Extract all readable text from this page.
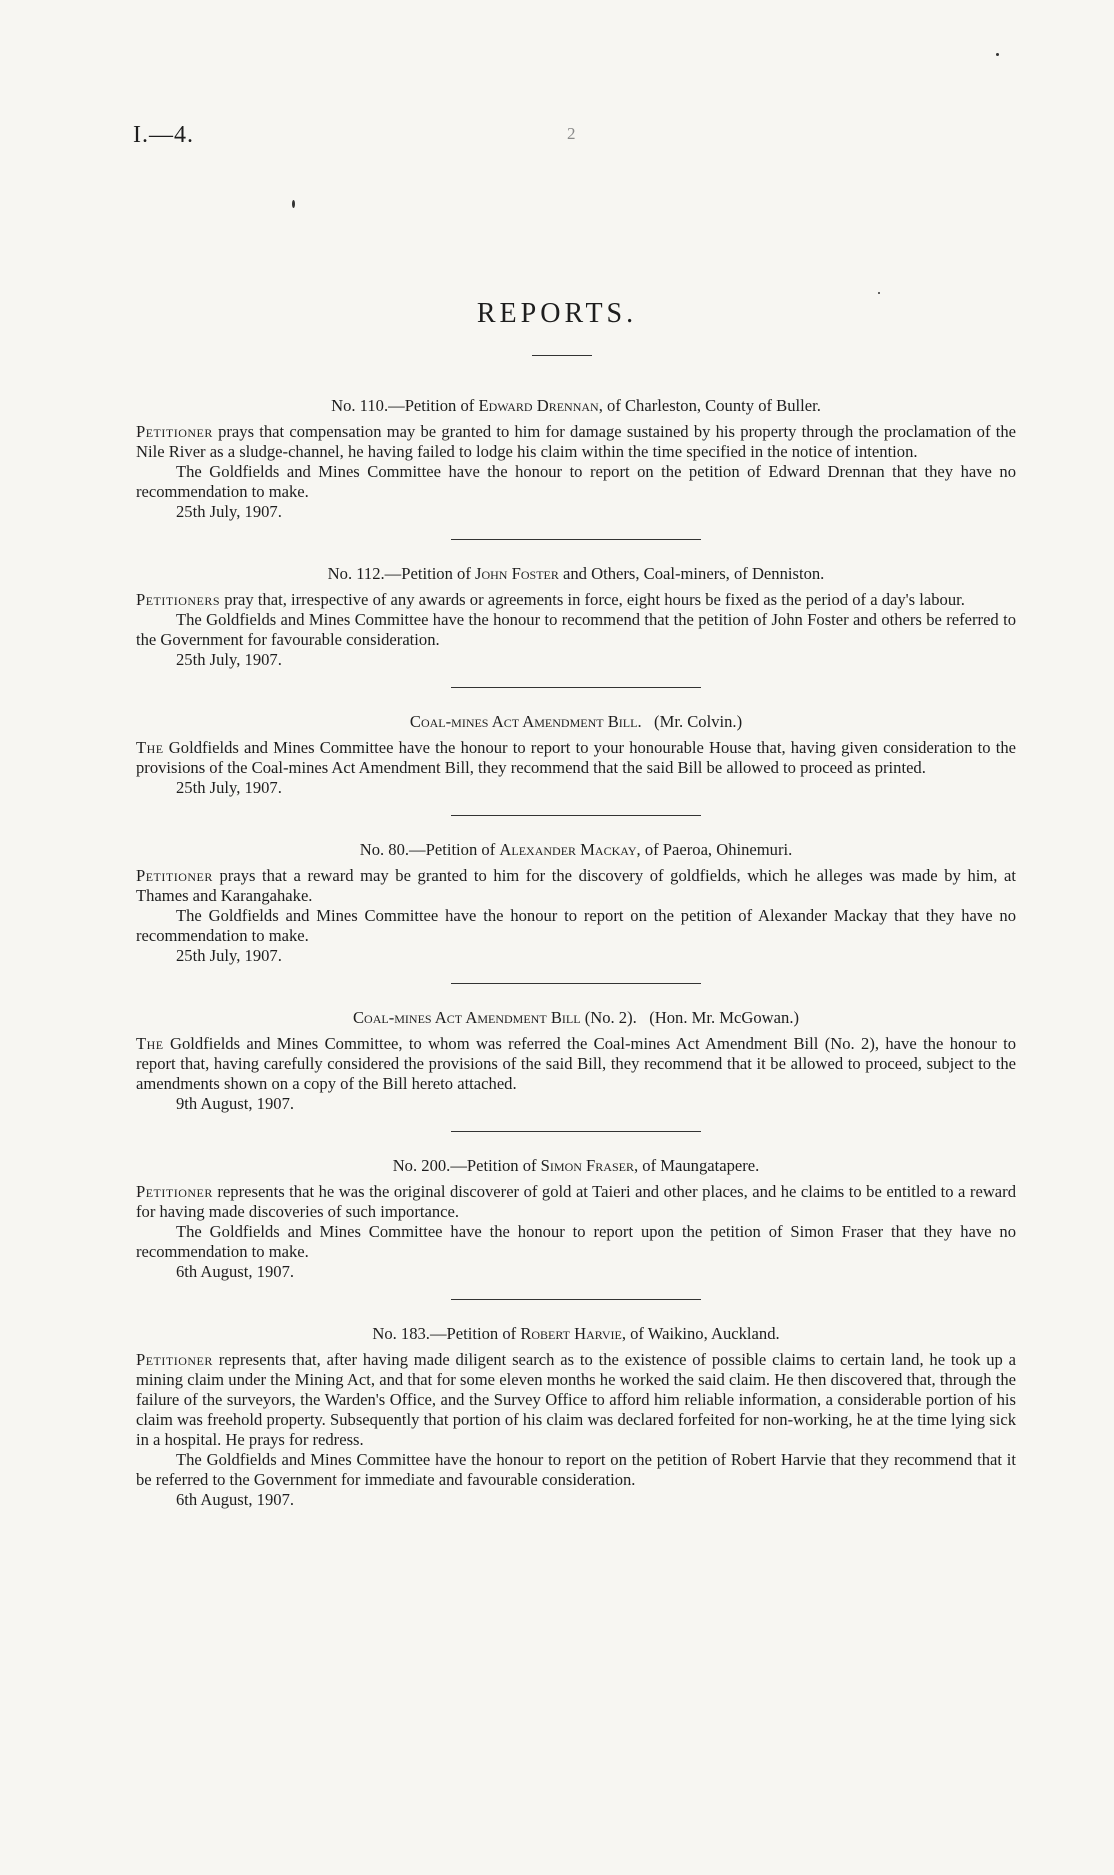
I.—4.	2
REPORTS.

No. 110.—Petition of Edward Drennan, of Charleston, County of Buller.

Petitioner prays that compensation may be granted to him for damage sustained by his property through the proclamation of the Nile River as a sludge-channel, he having failed to lodge his claim within the time specified in the notice of intention.

The Goldfields and Mines Committee have the honour to report on the petition of Edward Drennan that they have no recommendation to make.

25th July, 1907.

No. 112.—Petition of John Foster and Others, Coal-miners, of Denniston.

Petitioners pray that, irrespective of any awards or agreements in force, eight hours be fixed as the period of a day's labour.

The Goldfields and Mines Committee have the honour to recommend that the petition of John Foster and others be referred to the Government for favourable consideration.

25th July, 1907.

Coal-mines Act Amendment Bill.   (Mr. Colvin.)

The Goldfields and Mines Committee have the honour to report to your honourable House that, having given consideration to the provisions of the Coal-mines Act Amendment Bill, they recommend that the said Bill be allowed to proceed as printed.

25th July, 1907.

No. 80.—Petition of Alexander Mackay, of Paeroa, Ohinemuri.

Petitioner prays that a reward may be granted to him for the discovery of goldfields, which he alleges was made by him, at Thames and Karangahake.

The Goldfields and Mines Committee have the honour to report on the petition of Alexander Mackay that they have no recommendation to make.

25th July, 1907.

Coal-mines Act Amendment Bill (No. 2).   (Hon. Mr. McGowan.)

The Goldfields and Mines Committee, to whom was referred the Coal-mines Act Amendment Bill (No. 2), have the honour to report that, having carefully considered the provisions of the said Bill, they recommend that it be allowed to proceed, subject to the amendments shown on a copy of the Bill hereto attached.

9th August, 1907.

No. 200.—Petition of Simon Fraser, of Maungatapere.

Petitioner represents that he was the original discoverer of gold at Taieri and other places, and he claims to be entitled to a reward for having made discoveries of such importance.

The Goldfields and Mines Committee have the honour to report upon the petition of Simon Fraser that they have no recommendation to make.

6th August, 1907.

No. 183.—Petition of Robert Harvie, of Waikino, Auckland.

Petitioner represents that, after having made diligent search as to the existence of possible claims to certain land, he took up a mining claim under the Mining Act, and that for some eleven months he worked the said claim. He then discovered that, through the failure of the surveyors, the Warden's Office, and the Survey Office to afford him reliable information, a considerable portion of his claim was freehold property. Subsequently that portion of his claim was declared forfeited for non-working, he at the time lying sick in a hospital. He prays for redress.

The Goldfields and Mines Committee have the honour to report on the petition of Robert Harvie that they recommend that it be referred to the Government for immediate and favourable consideration.

6th August, 1907.
